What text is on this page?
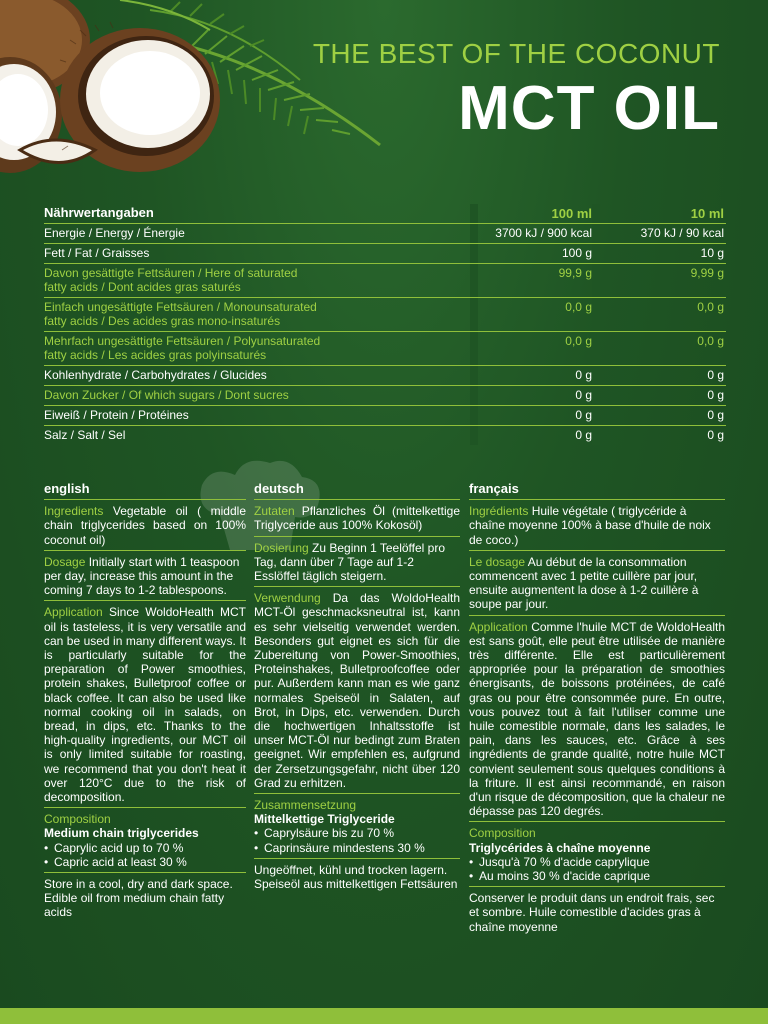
THE BEST OF THE COCONUT
MCT OIL
Nährwertangaben	100 ml	10 ml
Energie / Energy / Énergie	3700 kJ / 900 kcal	370 kJ / 90 kcal
Fett / Fat / Graisses	100 g	10 g
Davon gesättigte Fettsäuren / Here of saturated
fatty acids / Dont acides gras saturés
99,9 g	9,99 g
Einfach ungesättigte Fettsäuren / Monounsaturated
fatty acids / Des acides gras mono-insaturés
0,0 g	0,0 g
Mehrfach ungesättigte Fettsäuren / Polyunsaturated
fatty acids / Les acides gras polyinsaturés
0,0 g	0,0 g
Kohlenhydrate / Carbohydrates / Glucides	0 g	0 g
Davon Zucker / Of which sugars / Dont sucres	0 g	0 g
Eiweiß / Protein / Protéines	0 g	0 g
Salz / Salt / Sel	0 g	0 g
english
Ingredients Vegetable oil ( middle chain triglycerides based on 100% coconut oil)
Dosage Initially start with 1 teaspoon per day, increase this amount in the coming 7 days to 1-2 tablespoons.
Application Since WoldoHealth MCT oil is tasteless, it is very versatile and can be used in many different ways. It is particularly suitable for the preparation of Power smoothies, protein shakes, Bulletproof coffee or black coffee. It can also be used like normal cooking oil in salads, on bread, in dips, etc. Thanks to the high-quality ingredients, our MCT oil is only limited suitable for roasting, we recommend that you don't heat it over 120°C due to the risk of decomposition.
Composition
Medium chain triglycerides
• Caprylic acid up to 70 %
• Capric acid at least 30 %
Store in a cool, dry and dark space. Edible oil from medium chain fatty acids
deutsch
Zutaten Pflanzliches Öl (mittelkettige Triglyceride aus 100% Kokosöl)
Dosierung Zu Beginn 1 Teelöffel pro Tag, dann über 7 Tage auf 1-2 Esslöffel täglich steigern.
Verwendung Da das WoldoHealth MCT-Öl geschmacksneutral ist, kann es sehr vielseitig verwendet werden. Besonders gut eignet es sich für die Zubereitung von Power-Smoothies, Proteinshakes, Bulletproofcoffee oder pur. Außerdem kann man es wie ganz normales Speiseöl in Salaten, auf Brot, in Dips, etc. verwenden. Durch die hochwertigen Inhaltsstoffe ist unser MCT-Öl nur bedingt zum Braten geeignet. Wir empfehlen es, aufgrund der Zersetzungsgefahr, nicht über 120 Grad zu erhitzen.
Zusammensetzung
Mittelkettige Triglyceride
• Caprylsäure bis zu 70 %
• Caprinsäure mindestens 30 %
Ungeöffnet, kühl und trocken lagern. Speiseöl aus mittelkettigen Fettsäuren
français
Ingrédients Huile végétale ( triglycéride à chaîne moyenne 100% à base d'huile de noix de coco.)
Le dosage Au début de la consommation commencent avec 1 petite cuillère par jour, ensuite augmentent la dose à 1-2 cuillère à soupe par jour.
Application Comme l'huile MCT de WoldoHealth est sans goût, elle peut être utilisée de manière très différente. Elle est particulièrement appropriée pour la préparation de smoothies énergisants, de boissons protéinées, de café gras ou pour être consommée pure. En outre, vous pouvez tout à fait l'utiliser comme une huile comestible normale, dans les salades, le pain, dans les sauces, etc. Grâce à ses ingrédients de grande qualité, notre huile MCT convient seulement sous quelques conditions à la friture. Il est ainsi recommandé, en raison d'un risque de décomposition, que la chaleur ne dépasse pas 120 degrés.
Composition
Triglycérides à chaîne moyenne
• Jusqu'à 70 % d'acide caprylique
• Au moins 30 % d'acide caprique
Conserver le produit dans un endroit frais, sec et sombre. Huile comestible d'acides gras à chaîne moyenne
